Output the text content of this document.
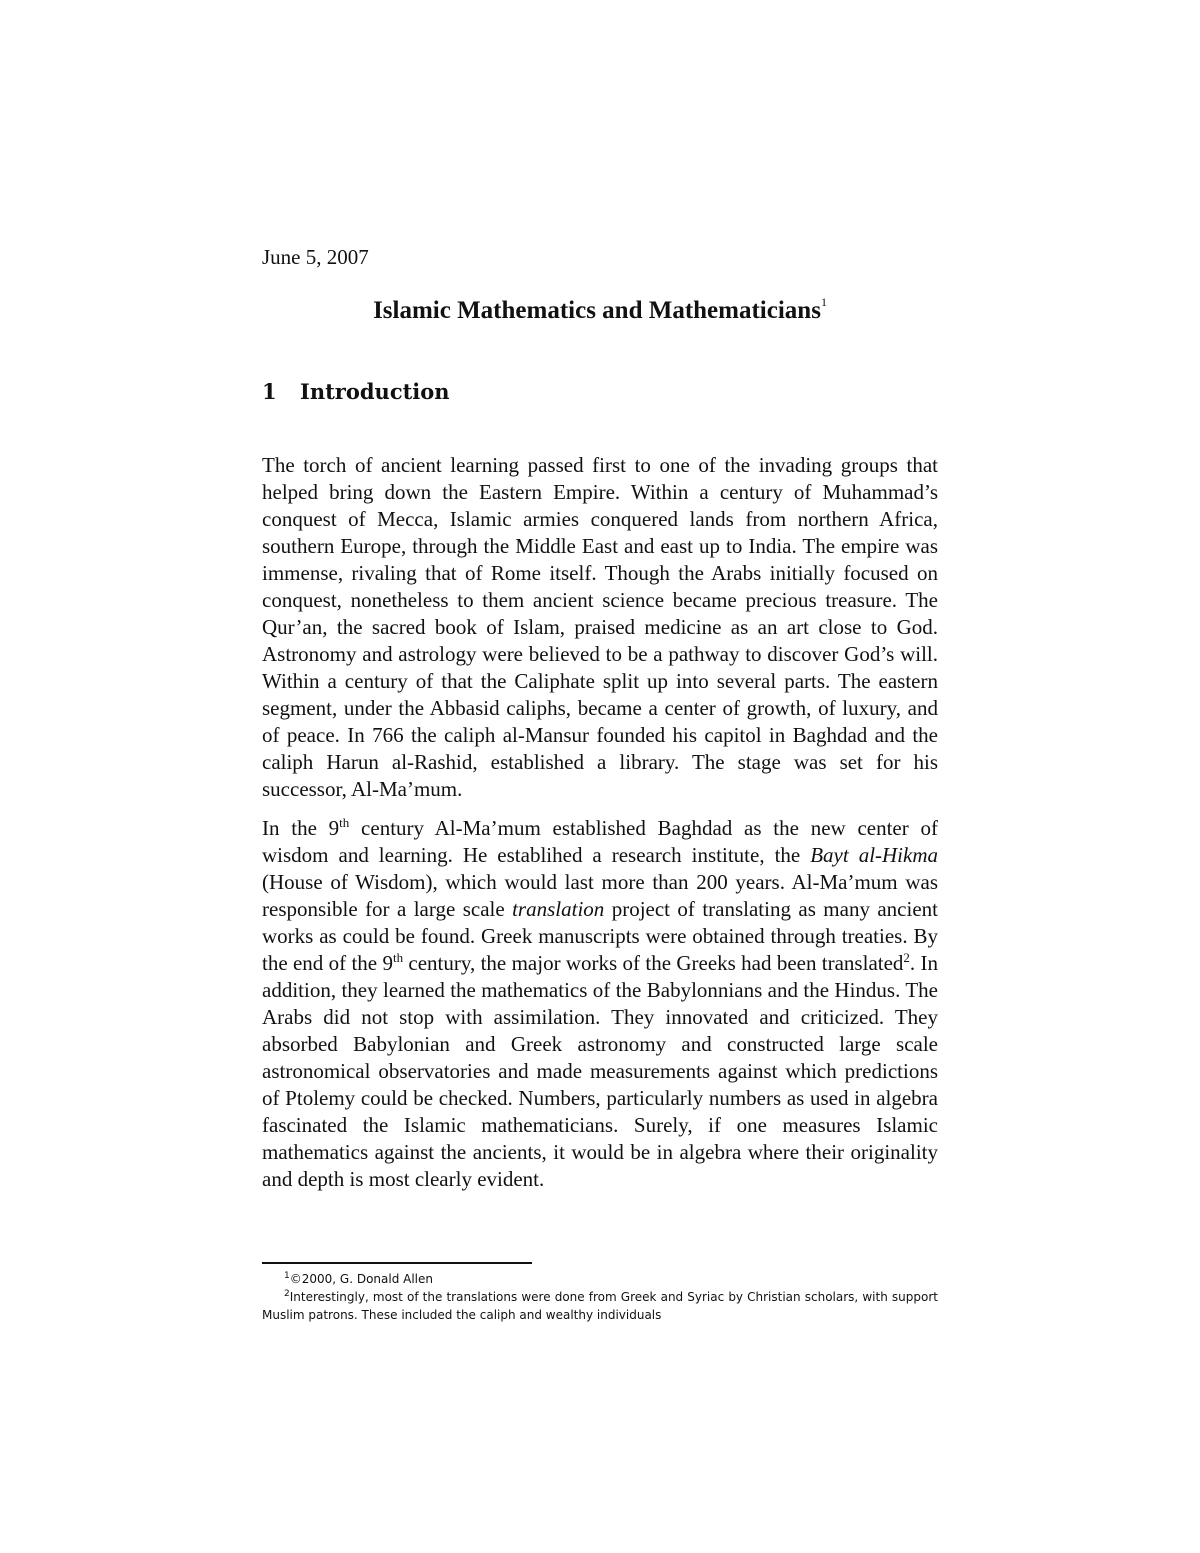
June 5, 2007
Islamic Mathematics and Mathematicians$^1$
1 Introduction

The torch of ancient learning passed first to one of the invading groups that helped bring down the Eastern Empire. Within a century of Muhammad’s conquest of Mecca, Islamic armies conquered lands from northern Africa, southern Europe, through the Middle East and east up to India. The empire was immense, rivaling that of Rome itself. Though the Arabs initially focused on conquest, nonetheless to them ancient science became precious treasure. The Qur’an, the sacred book of Islam, praised medicine as an art close to God. Astronomy and astrology were believed to be a pathway to discover God’s will. Within a century of that the Caliphate split up into several parts. The eastern segment, under the Abbasid caliphs, became a center of growth, of luxury, and of peace. In 766 the caliph al-Mansur founded his capitol in Baghdad and the caliph Harun al-Rashid, established a library. The stage was set for his successor, Al-Ma’mum.

In the 9th century Al-Ma’mum established Baghdad as the new center of wisdom and learning. He establihed a research institute, the Bayt al-Hikma (House of Wisdom), which would last more than 200 years. Al-Ma’mum was responsible for a large scale translation project of translating as many ancient works as could be found. Greek manuscripts were obtained through treaties. By the end of the 9th century, the major works of the Greeks had been translated$^2$. In addition, they learned the mathematics of the Babylonnians and the Hindus. The Arabs did not stop with assimilation. They innovated and criticized. They absorbed Babylonian and Greek astronomy and constructed large scale astronomical observatories and made measurements against which predictions of Ptolemy could be checked. Numbers, particularly numbers as used in algebra fascinated the Islamic mathematicians. Surely, if one measures Islamic mathematics against the ancients, it would be in algebra where their originality and depth is most clearly evident.

$^1$©2000, G. Donald Allen

$^2$Interestingly, most of the translations were done from Greek and Syriac by Christian scholars, with support Muslim patrons. These included the caliph and wealthy individuals
